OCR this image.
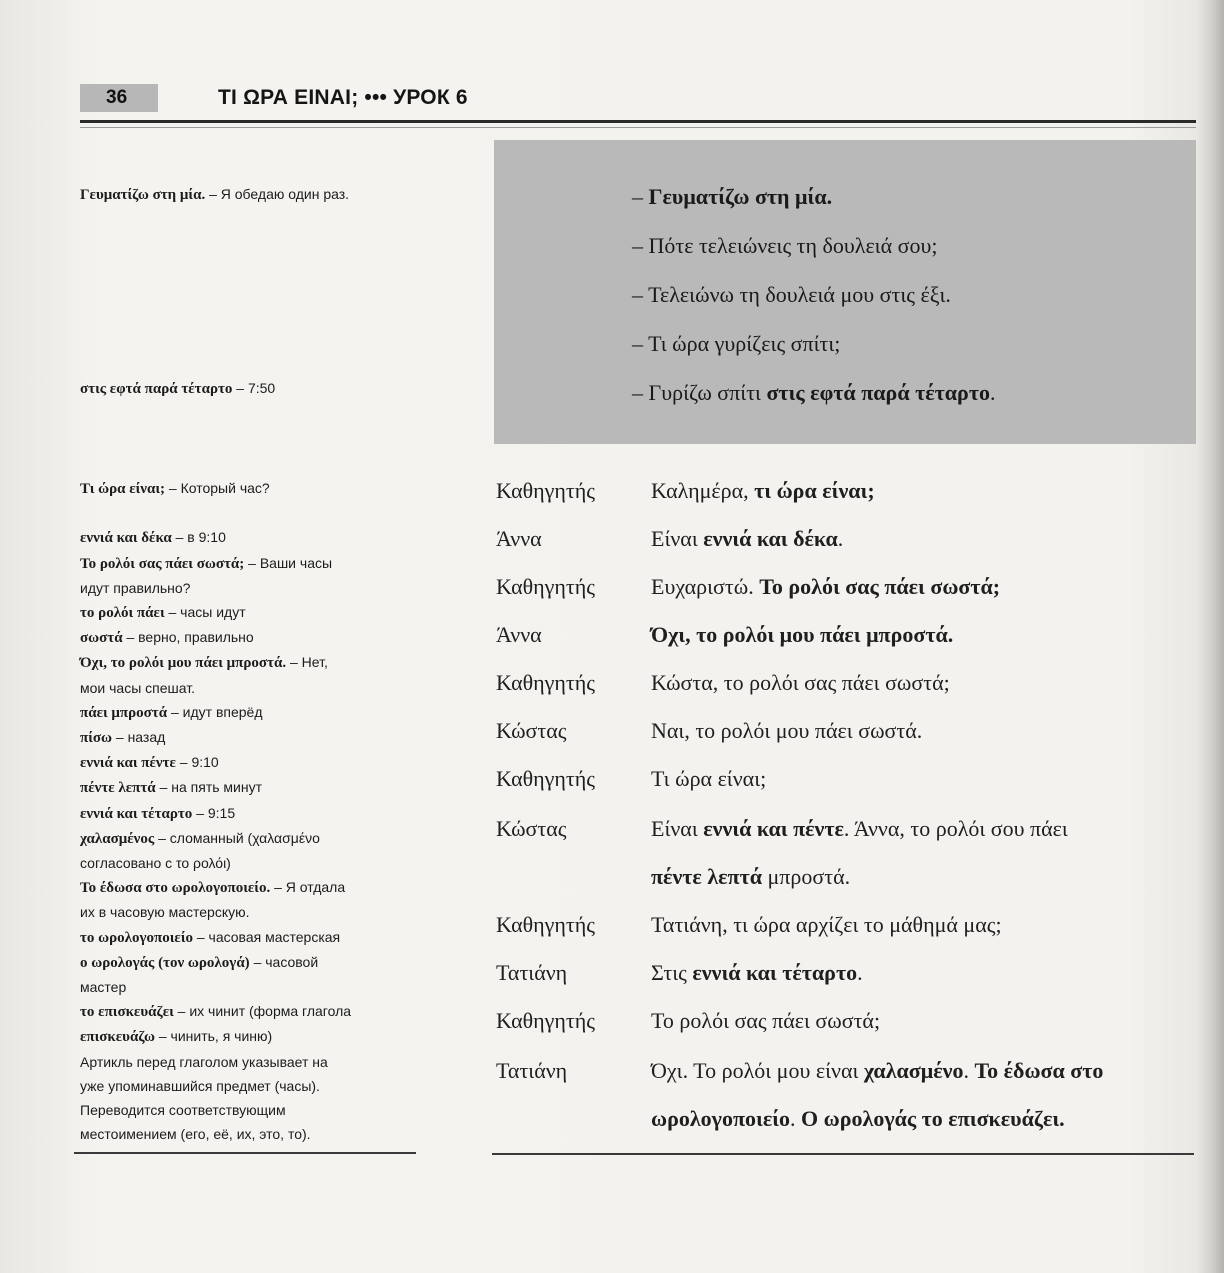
36	ΤΙ ΩΡΑ ΕΙΝΑΙ; ••• УРОК 6
– Γευματίζω στη μία.
– Πότε τελειώνεις τη δουλειά σου;
– Τελειώνω τη δουλειά μου στις έξι.
– Τι ώρα γυρίζεις σπίτι;
– Γυρίζω σπίτι στις εφτά παρά τέταρτο.
Γευματίζω στη μία. – Я обедаю один раз.
στις εφτά παρά τέταρτο – 7:50
Τι ώρα είναι; – Который час?

εννιά και δέκα – в 9:10
Το ρολόι σας πάει σωστά; – Ваши часы
идут правильно?
το ρολόι πάει – часы идут
σωστά – верно, правильно
Όχι, το ρολόι μου πάει μπροστά. – Нет,
мои часы спешат.
πάει μπροστά – идут вперёд
πίσω – назад
εννιά και πέντε – 9:10
πέντε λεπτά – на пять минут
εννιά και τέταρτο – 9:15
χαλασμένος – сломанный (χαλασμένο
согласовано с το ρολόι)
Το έδωσα στο ωρολογοποιείο. – Я отдала
их в часовую мастерскую.
το ωρολογοποιείο – часовая мастерская
ο ωρολογάς (τον ωρολογά) – часовой
мастер
το επισκευάζει – их чинит (форма глагола
επισκευάζω – чинить, я чиню)
Артикль перед глаголом указывает на
уже упоминавшийся предмет (часы).
Переводится соответствующим
местоимением (его, её, их, это, то).
Καθηγητής	Καλημέρα, τι ώρα είναι;
Άννα	Είναι εννιά και δέκα.
Καθηγητής	Ευχαριστώ. Το ρολόι σας πάει σωστά;
Άννα	Όχι, το ρολόι μου πάει μπροστά.
Καθηγητής	Κώστα, το ρολόι σας πάει σωστά;
Κώστας	Ναι, το ρολόι μου πάει σωστά.
Καθηγητής	Τι ώρα είναι;
Κώστας	Είναι εννιά και πέντε. Άννα, το ρολόι σου πάει
πέντε λεπτά μπροστά.
Καθηγητής	Τατιάνη, τι ώρα αρχίζει το μάθημά μας;
Τατιάνη	Στις εννιά και τέταρτο.
Καθηγητής	Το ρολόι σας πάει σωστά;
Τατιάνη	Όχι. Το ρολόι μου είναι χαλασμένο. Το έδωσα στο
ωρολογοποιείο. Ο ωρολογάς το επισκευάζει.
